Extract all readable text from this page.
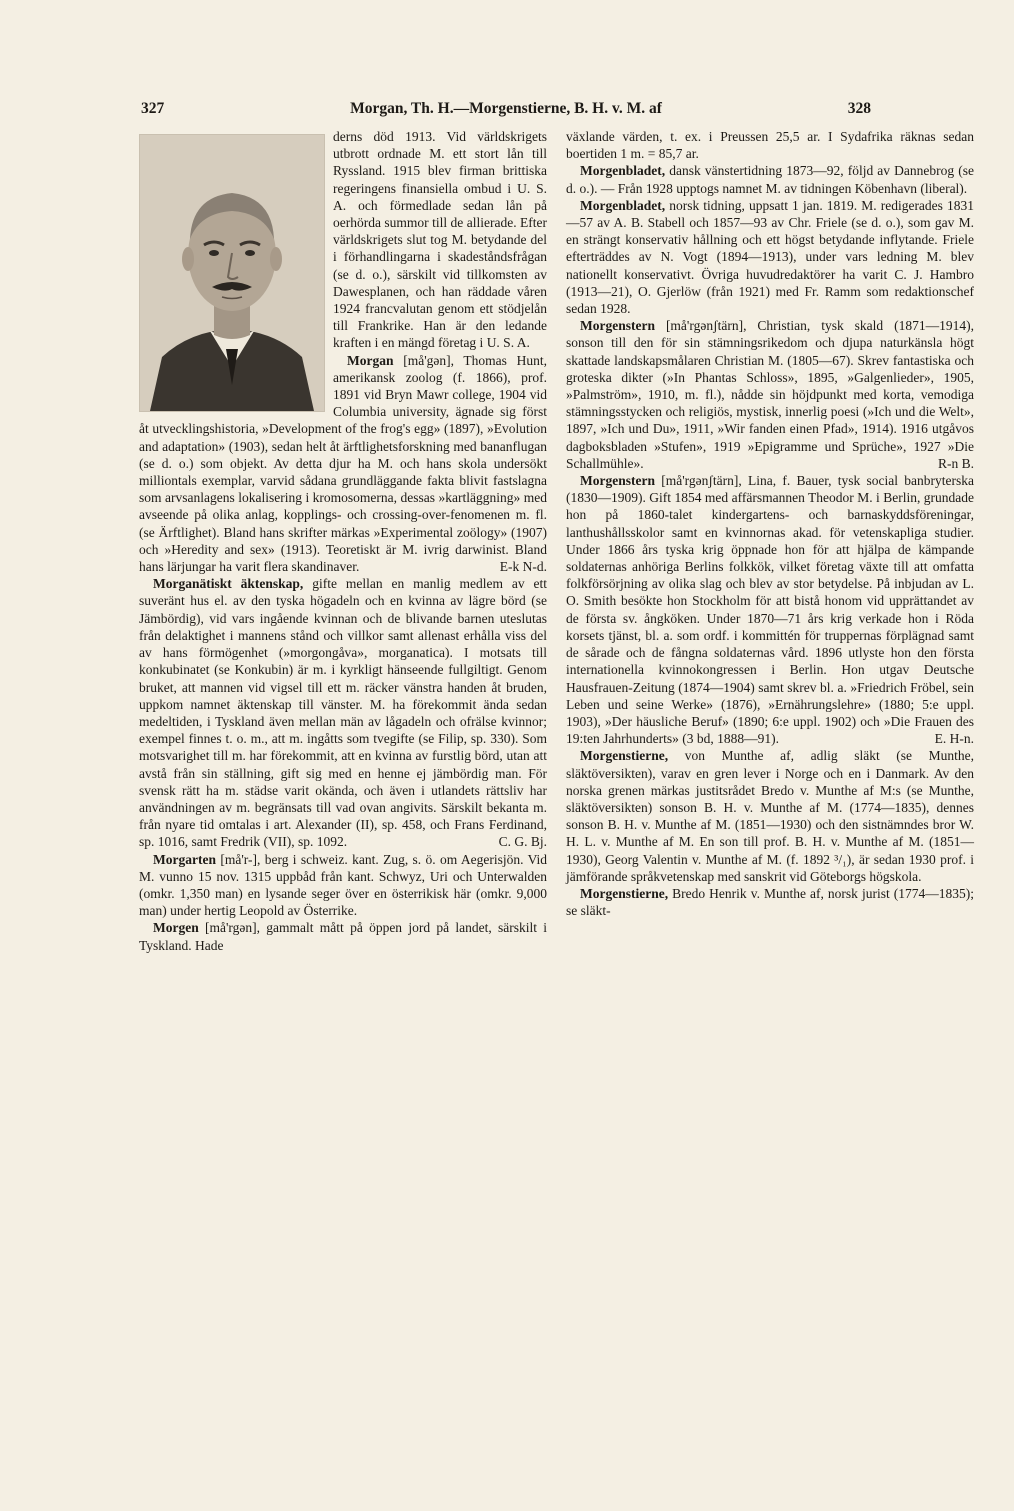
327	Morgan, Th. H.—Morgenstierne, B. H. v. M. af	328

derns död 1913. Vid världskrigets utbrott ordnade M. ett stort lån till Ryssland. 1915 blev firman brittiska regeringens finansiella ombud i U. S. A. och förmedlade sedan lån på oerhörda summor till de allierade. Efter världskrigets slut tog M. betydande del i förhandlingarna i skadeståndsfrågan (se d. o.), särskilt vid tillkomsten av Dawesplanen, och han räddade våren 1924 francvalutan genom ett stödjelån till Frankrike. Han är den ledande kraften i en mängd företag i U. S. A.

Morgan [må'gən], Thomas Hunt, amerikansk zoolog (f. 1866), prof. 1891 vid Bryn Mawr college, 1904 vid Columbia university, ägnade sig först åt utvecklingshistoria, »Development of the frog's egg» (1897), »Evolution and adaptation» (1903), sedan helt åt ärftlighetsforskning med bananflugan (se d. o.) som objekt. Av detta djur ha M. och hans skola undersökt milliontals exemplar, varvid sådana grundläggande fakta blivit fastslagna som arvsanlagens lokalisering i kromosomerna, dessas »kartläggning» med avseende på olika anlag, kopplings- och crossing-over-fenomenen m. fl. (se Ärftlighet). Bland hans skrifter märkas »Experimental zoölogy» (1907) och »Heredity and sex» (1913). Teoretiskt är M. ivrig darwinist. Bland hans lärjungar ha varit flera skandinaver.	E-k N-d.

Morganätiskt äktenskap, gifte mellan en manlig medlem av ett suveränt hus el. av den tyska högadeln och en kvinna av lägre börd (se Jämbördig), vid vars ingående kvinnan och de blivande barnen uteslutas från delaktighet i mannens stånd och villkor samt allenast erhålla viss del av hans förmögenhet (»morgongåva», morganatica). I motsats till konkubinatet (se Konkubin) är m. i kyrkligt hänseende fullgiltigt. Genom bruket, att mannen vid vigsel till ett m. räcker vänstra handen åt bruden, uppkom namnet äktenskap till vänster. M. ha förekommit ända sedan medeltiden, i Tyskland även mellan män av lågadeln och ofrälse kvinnor; exempel finnes t. o. m., att m. ingåtts som tvegifte (se Filip, sp. 330). Som motsvarighet till m. har förekommit, att en kvinna av furstlig börd, utan att avstå från sin ställning, gift sig med en henne ej jämbördig man. För svensk rätt ha m. städse varit okända, och även i utlandets rättsliv har användningen av m. begränsats till vad ovan angivits. Särskilt bekanta m. från nyare tid omtalas i art. Alexander (II), sp. 458, och Frans Ferdinand, sp. 1016, samt Fredrik (VII), sp. 1092.	C. G. Bj.

Morgarten [må'r-], berg i schweiz. kant. Zug, s. ö. om Aegerisjön. Vid M. vunno 15 nov. 1315 uppbåd från kant. Schwyz, Uri och Unterwalden (omkr. 1,350 man) en lysande seger över en österrikisk här (omkr. 9,000 man) under hertig Leopold av Österrike.

Morgen [må'rgən], gammalt mått på öppen jord på landet, särskilt i Tyskland. Hade

växlande värden, t. ex. i Preussen 25,5 ar. I Sydafrika räknas sedan boertiden 1 m. = 85,7 ar.

Morgenbladet, dansk vänstertidning 1873—92, följd av Dannebrog (se d. o.). — Från 1928 upptogs namnet M. av tidningen Köbenhavn (liberal).

Morgenbladet, norsk tidning, uppsatt 1 jan. 1819. M. redigerades 1831—57 av A. B. Stabell och 1857—93 av Chr. Friele (se d. o.), som gav M. en strängt konservativ hållning och ett högst betydande inflytande. Friele efterträddes av N. Vogt (1894—1913), under vars ledning M. blev nationellt konservativt. Övriga huvudredaktörer ha varit C. J. Hambro (1913—21), O. Gjerlöw (från 1921) med Fr. Ramm som redaktionschef sedan 1928.

Morgenstern [må'rgənʃtärn], Christian, tysk skald (1871—1914), sonson till den för sin stämningsrikedom och djupa naturkänsla högt skattade landskapsmålaren Christian M. (1805—67). Skrev fantastiska och groteska dikter (»In Phantas Schloss», 1895, »Galgenlieder», 1905, »Palmström», 1910, m. fl.), nådde sin höjdpunkt med korta, vemodiga stämningsstycken och religiös, mystisk, innerlig poesi (»Ich und die Welt», 1897, »Ich und Du», 1911, »Wir fanden einen Pfad», 1914). 1916 utgåvos dagboksbladen »Stufen», 1919 »Epigramme und Sprüche», 1927 »Die Schallmühle».	R-n B.

Morgenstern [må'rgənʃtärn], Lina, f. Bauer, tysk social banbryterska (1830—1909). Gift 1854 med affärsmannen Theodor M. i Berlin, grundade hon på 1860-talet kindergartens- och barnaskyddsföreningar, lanthushållsskolor samt en kvinnornas akad. för vetenskapliga studier. Under 1866 års tyska krig öppnade hon för att hjälpa de kämpande soldaternas anhöriga Berlins folkkök, vilket företag växte till att omfatta folkförsörjning av olika slag och blev av stor betydelse. På inbjudan av L. O. Smith besökte hon Stockholm för att bistå honom vid upprättandet av de första sv. ångköken. Under 1870—71 års krig verkade hon i Röda korsets tjänst, bl. a. som ordf. i kommittén för truppernas förplägnad samt de sårade och de fångna soldaternas vård. 1896 utlyste hon den första internationella kvinnokongressen i Berlin. Hon utgav Deutsche Hausfrauen-Zeitung (1874—1904) samt skrev bl. a. »Friedrich Fröbel, sein Leben und seine Werke» (1876), »Ernährungslehre» (1880; 5:e uppl. 1903), »Der häusliche Beruf» (1890; 6:e uppl. 1902) och »Die Frauen des 19:ten Jahrhunderts» (3 bd, 1888—91).	E. H-n.

Morgenstierne, von Munthe af, adlig släkt (se Munthe, släktöversikten), varav en gren lever i Norge och en i Danmark. Av den norska grenen märkas justitsrådet Bredo v. Munthe af M:s (se Munthe, släktöversikten) sonson B. H. v. Munthe af M. (1774—1835), dennes sonson B. H. v. Munthe af M. (1851—1930) och den sistnämndes bror W. H. L. v. Munthe af M. En son till prof. B. H. v. Munthe af M. (1851—1930), Georg Valentin v. Munthe af M. (f. 1892 ³/₁), är sedan 1930 prof. i jämförande språkvetenskap med sanskrit vid Göteborgs högskola.

Morgenstierne, Bredo Henrik v. Munthe af, norsk jurist (1774—1835); se släkt-
